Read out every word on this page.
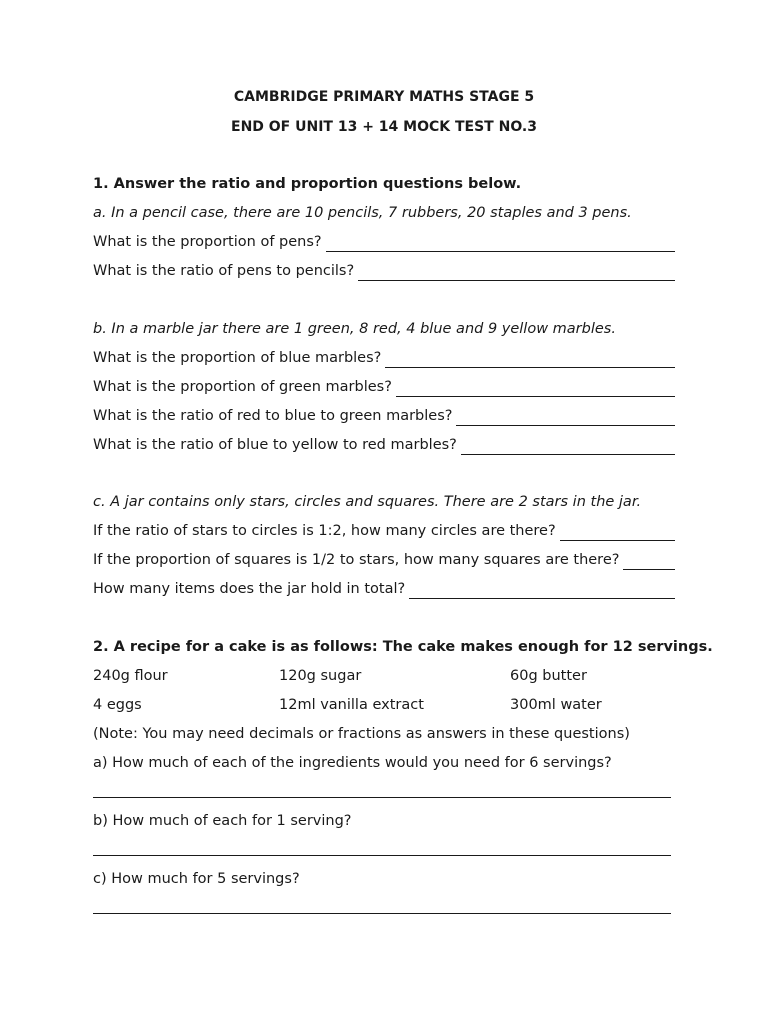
CAMBRIDGE PRIMARY MATHS STAGE 5
END OF UNIT 13 + 14 MOCK TEST NO.3
1. Answer the ratio and proportion questions below.
a. In a pencil case, there are 10 pencils, 7 rubbers, 20 staples and 3 pens.
What is the proportion of pens?
What is the ratio of pens to pencils?
b. In a marble jar there are 1 green, 8 red, 4 blue and 9 yellow marbles.
What is the proportion of blue marbles?
What is the proportion of green marbles?
What is the ratio of red to blue to green marbles?
What is the ratio of blue to yellow to red marbles?
c. A jar contains only stars, circles and squares. There are 2 stars in the jar.
If the ratio of stars to circles is 1:2, how many circles are there?
If the proportion of squares is 1/2 to stars, how many squares are there?
How many items does the jar hold in total?
2. A recipe for a cake is as follows: The cake makes enough for 12 servings.
240g flour	120g sugar	60g butter
4 eggs	12ml vanilla extract	300ml water
(Note: You may need decimals or fractions as answers in these questions)
a) How much of each of the ingredients would you need for 6 servings?
b) How much of each for 1 serving?
c) How much for 5 servings?
